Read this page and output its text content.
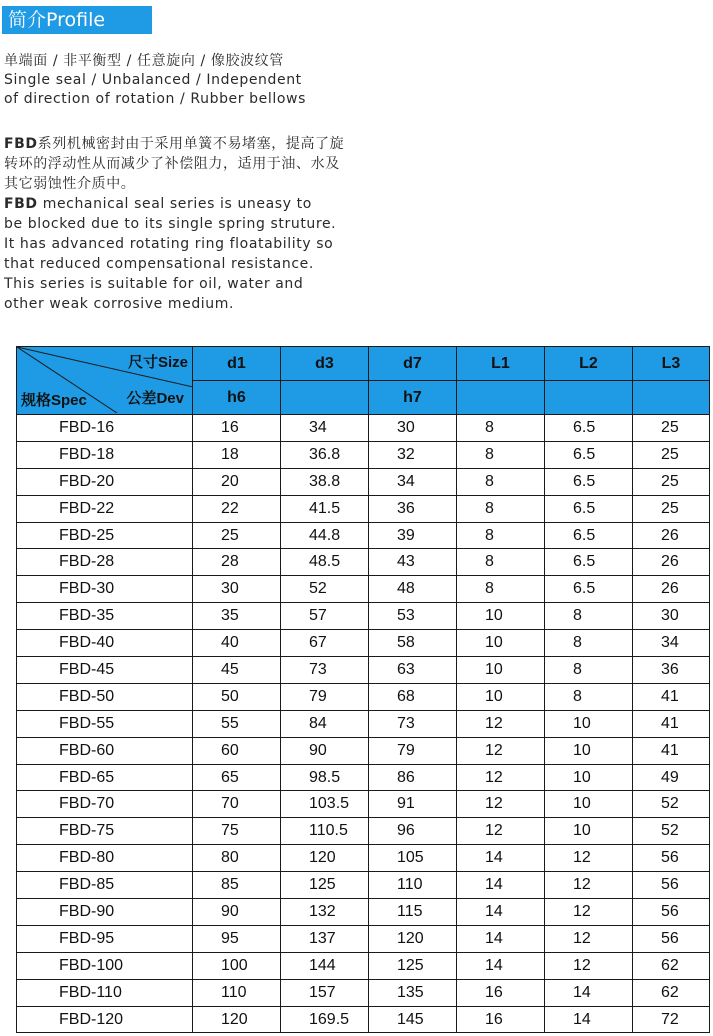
简介Profile

单端面 / 非平衡型 / 任意旋向 / 像胶波纹管

Single seal / Unbalanced / Independent

of direction of rotation / Rubber bellows

FBD系列机械密封由于采用单簧不易堵塞，提高了旋转环的浮动性从而减少了补偿阻力，适用于油、水及其它弱蚀性介质中。

FBD mechanical seal series is uneasy to

be blocked due to its single spring struture.

It has advanced rotating ring floatability so

that reduced compensational resistance.

This series is suitable for oil, water and

other weak corrosive medium.

尺寸Size
公差Dev
规格Spec	d1	d3	d7	L1	L2	L3
	h6		h7			
FBD-16	16	34	30	8	6.5	25
FBD-18	18	36.8	32	8	6.5	25
FBD-20	20	38.8	34	8	6.5	25
FBD-22	22	41.5	36	8	6.5	25
FBD-25	25	44.8	39	8	6.5	26
FBD-28	28	48.5	43	8	6.5	26
FBD-30	30	52	48	8	6.5	26
FBD-35	35	57	53	10	8	30
FBD-40	40	67	58	10	8	34
FBD-45	45	73	63	10	8	36
FBD-50	50	79	68	10	8	41
FBD-55	55	84	73	12	10	41
FBD-60	60	90	79	12	10	41
FBD-65	65	98.5	86	12	10	49
FBD-70	70	103.5	91	12	10	52
FBD-75	75	110.5	96	12	10	52
FBD-80	80	120	105	14	12	56
FBD-85	85	125	110	14	12	56
FBD-90	90	132	115	14	12	56
FBD-95	95	137	120	14	12	56
FBD-100	100	144	125	14	12	62
FBD-110	110	157	135	16	14	62
FBD-120	120	169.5	145	16	14	72
